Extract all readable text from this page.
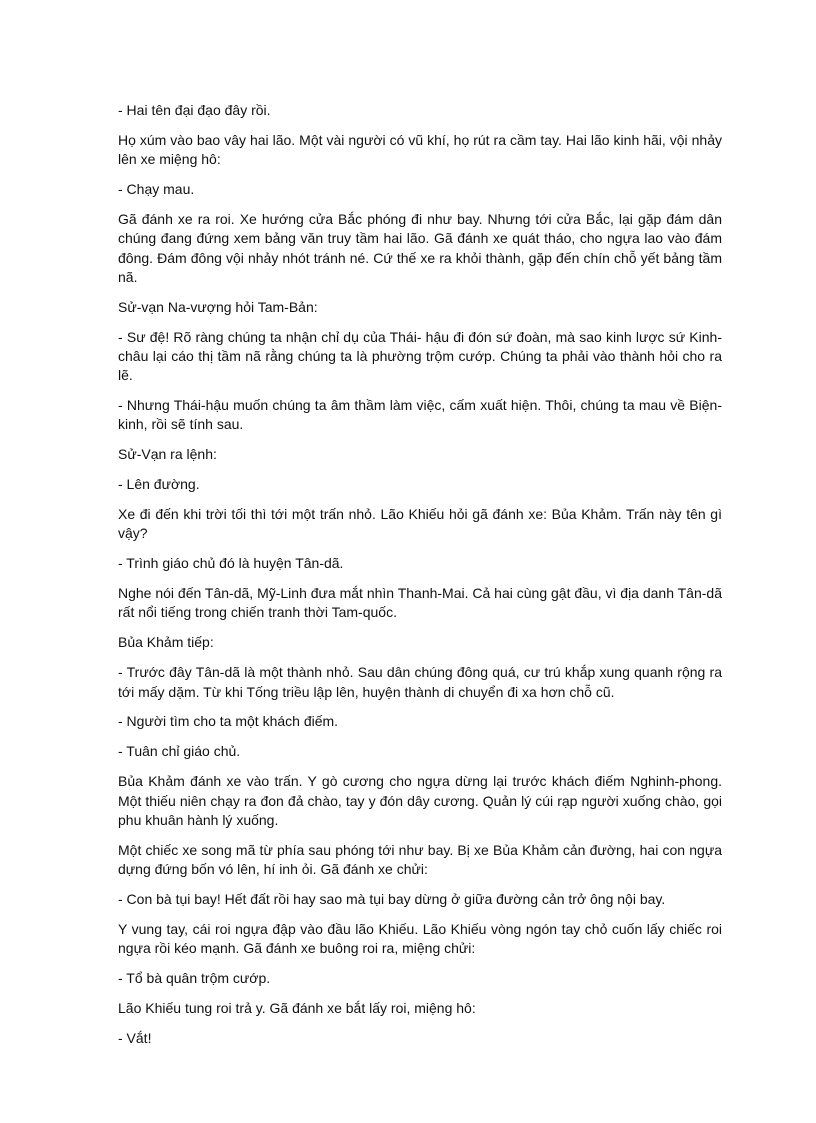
- Hai tên đại đạo đây rồi.

Họ xúm vào bao vây hai lão. Một vài người có vũ khí, họ rút ra cầm tay. Hai lão kinh hãi, vội nhảy lên xe miệng hô:

- Chạy mau.

Gã đánh xe ra roi. Xe hướng cửa Bắc phóng đi như bay. Nhưng tới cửa Bắc, lại gặp đám dân chúng đang đứng xem bảng văn truy tầm hai lão. Gã đánh xe quát tháo, cho ngựa lao vào đám đông. Đám đông vội nhảy nhót tránh né. Cứ thế xe ra khỏi thành, gặp đến chín chỗ yết bảng tầm nã.

Sử-vạn Na-vượng hỏi Tam-Bản:

- Sư đệ! Rõ ràng chúng ta nhận chỉ dụ của Thái- hậu đi đón sứ đoàn, mà sao kinh lược sứ Kinh-châu lại cáo thị tầm nã rằng chúng ta là phường trộm cướp. Chúng ta phải vào thành hỏi cho ra lẽ.

- Nhưng Thái-hậu muốn chúng ta âm thầm làm việc, cấm xuất hiện. Thôi, chúng ta mau về Biện-kinh, rồi sẽ tính sau.

Sử-Vạn ra lệnh:

- Lên đường.

Xe đi đến khi trời tối thì tới một trấn nhỏ. Lão Khiếu hỏi gã đánh xe: Bủa Khảm. Trấn này tên gì vậy?

- Trình giáo chủ đó là huyện Tân-dã.

Nghe nói đến Tân-dã, Mỹ-Linh đưa mắt nhìn Thanh-Mai. Cả hai cùng gật đầu, vì địa danh Tân-dã rất nổi tiếng trong chiến tranh thời Tam-quốc.

Bủa Khảm tiếp:

- Trước đây Tân-dã là một thành nhỏ. Sau dân chúng đông quá, cư trú khắp xung quanh rộng ra tới mấy dặm. Từ khi Tống triều lập lên, huyện thành di chuyển đi xa hơn chỗ cũ.

- Người tìm cho ta một khách điếm.

- Tuân chỉ giáo chủ.

Bủa Khảm đánh xe vào trấn. Y gò cương cho ngựa dừng lại trước khách điếm Nghinh-phong. Một thiếu niên chạy ra đon đả chào, tay y đón dây cương. Quản lý cúi rạp người xuống chào, gọi phu khuân hành lý xuống.

Một chiếc xe song mã từ phía sau phóng tới như bay. Bị xe Bủa Khảm cản đường, hai con ngựa dựng đứng bốn vó lên, hí inh ỏi. Gã đánh xe chửi:

- Con bà tụi bay! Hết đất rồi hay sao mà tụi bay dừng ở giữa đường cản trở ông nội bay.

Y vung tay, cái roi ngựa đập vào đầu lão Khiếu. Lão Khiếu vòng ngón tay chỏ cuốn lấy chiếc roi ngựa rồi kéo mạnh. Gã đánh xe buông roi ra, miệng chửi:

- Tổ bà quân trộm cướp.

Lão Khiếu tung roi trả y. Gã đánh xe bắt lấy roi, miệng hô:

- Vắt!
